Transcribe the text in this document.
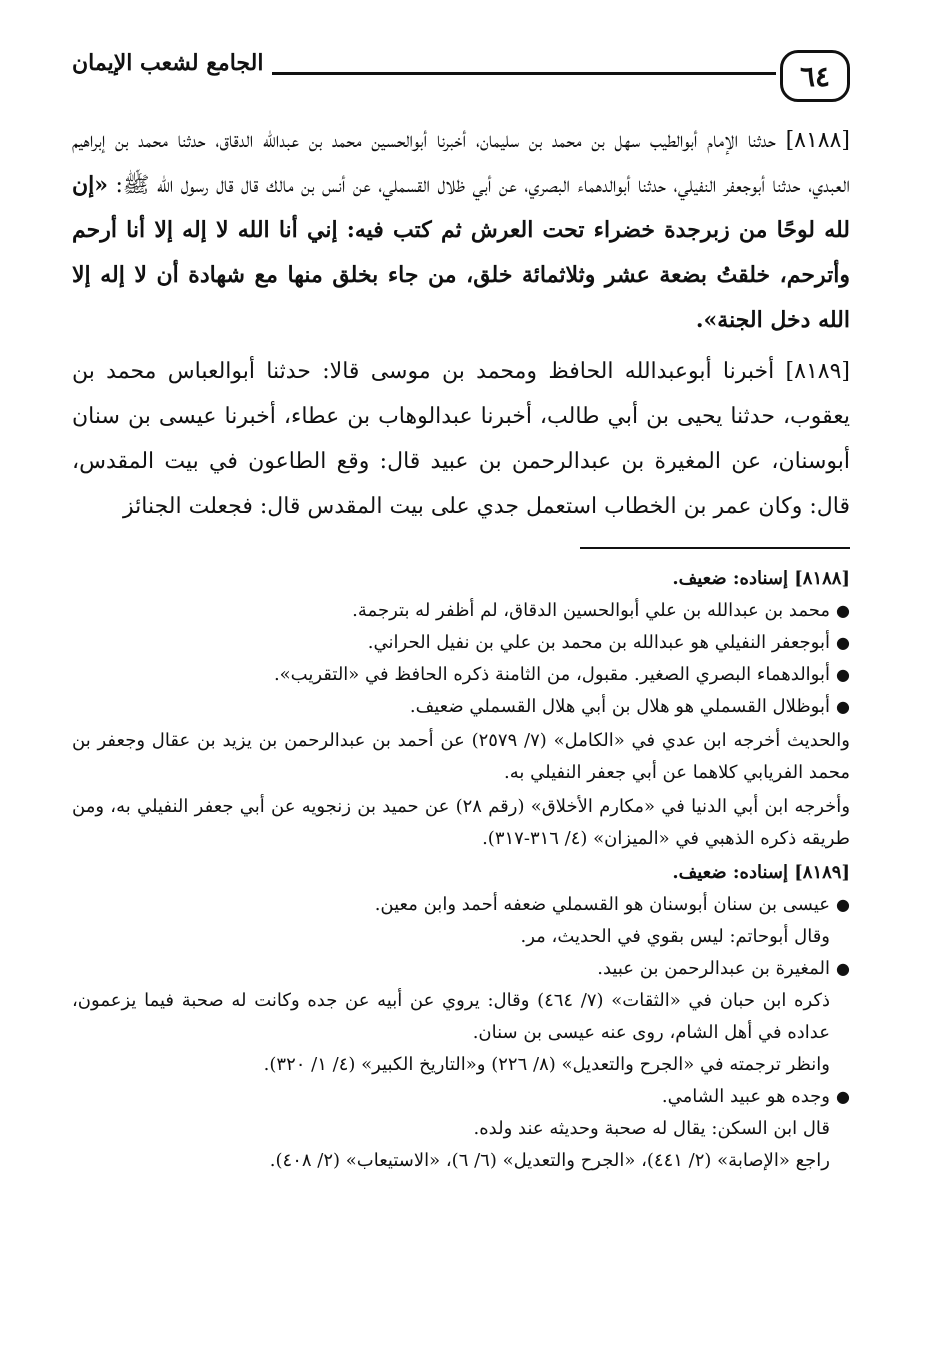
٦٤
الجامع لشعب الإيمان

[٨١٨٨] حدثنا الإمام أبوالطيب سهل بن محمد بن سليمان، أخبرنا أبوالحسين محمد بن عبدالله الدقاق، حدثنا محمد بن إبراهيم العبدي، حدثنا أبوجعفر النفيلي، حدثنا أبوالدهماء البصري، عن أبي ظلال القسملي، عن أنس بن مالك قال قال رسول الله ﷺ: «إن لله لوحًا من زبرجدة خضراء تحت العرش ثم كتب فيه: إني أنا الله لا إله إلا أنا أرحم وأترحم، خلقتُ بضعة عشر وثلاثمائة خلق، من جاء بخلق منها مع شهادة أن لا إله إلا الله دخل الجنة».

[٨١٨٩] أخبرنا أبوعبدالله الحافظ ومحمد بن موسى قالا: حدثنا أبوالعباس محمد بن يعقوب، حدثنا يحيى بن أبي طالب، أخبرنا عبدالوهاب بن عطاء، أخبرنا عيسى بن سنان أبوسنان، عن المغيرة بن عبدالرحمن بن عبيد قال: وقع الطاعون في بيت المقدس، قال: وكان عمر بن الخطاب استعمل جدي على بيت المقدس قال: فجعلت الجنائز

[٨١٨٨] إسناده: ضعيف.

●
محمد بن عبدالله بن علي أبوالحسين الدقاق، لم أظفر له بترجمة.
●
أبوجعفر النفيلي هو عبدالله بن محمد بن علي بن نفيل الحراني.
●
أبوالدهماء البصري الصغير. مقبول، من الثامنة ذكره الحافظ في «التقريب».
●
أبوظلال القسملي هو هلال بن أبي هلال القسملي ضعيف.

والحديث أخرجه ابن عدي في «الكامل» (٧/ ٢٥٧٩) عن أحمد بن عبدالرحمن بن يزيد بن عقال وجعفر بن محمد الفريابي كلاهما عن أبي جعفر النفيلي به.

وأخرجه ابن أبي الدنيا في «مكارم الأخلاق» (رقم ٢٨) عن حميد بن زنجويه عن أبي جعفر النفيلي به، ومن طريقه ذكره الذهبي في «الميزان» (٤/ ٣١٦-٣١٧).

[٨١٨٩] إسناده: ضعيف.

●
عيسى بن سنان أبوسنان هو القسملي ضعفه أحمد وابن معين.

وقال أبوحاتم: ليس بقوي في الحديث، مر.

●
المغيرة بن عبدالرحمن بن عبيد.

ذكره ابن حبان في «الثقات» (٧/ ٤٦٤) وقال: يروي عن أبيه عن جده وكانت له صحبة فيما يزعمون، عداده في أهل الشام، روى عنه عيسى بن سنان.

وانظر ترجمته في «الجرح والتعديل» (٨/ ٢٢٦) و«التاريخ الكبير» (٤/ ١/ ٣٢٠).

●
وجده هو عبيد الشامي.

قال ابن السكن: يقال له صحبة وحديثه عند ولده.

راجع «الإصابة» (٢/ ٤٤١)، «الجرح والتعديل» (٦/ ٦)، «الاستيعاب» (٢/ ٤٠٨).
